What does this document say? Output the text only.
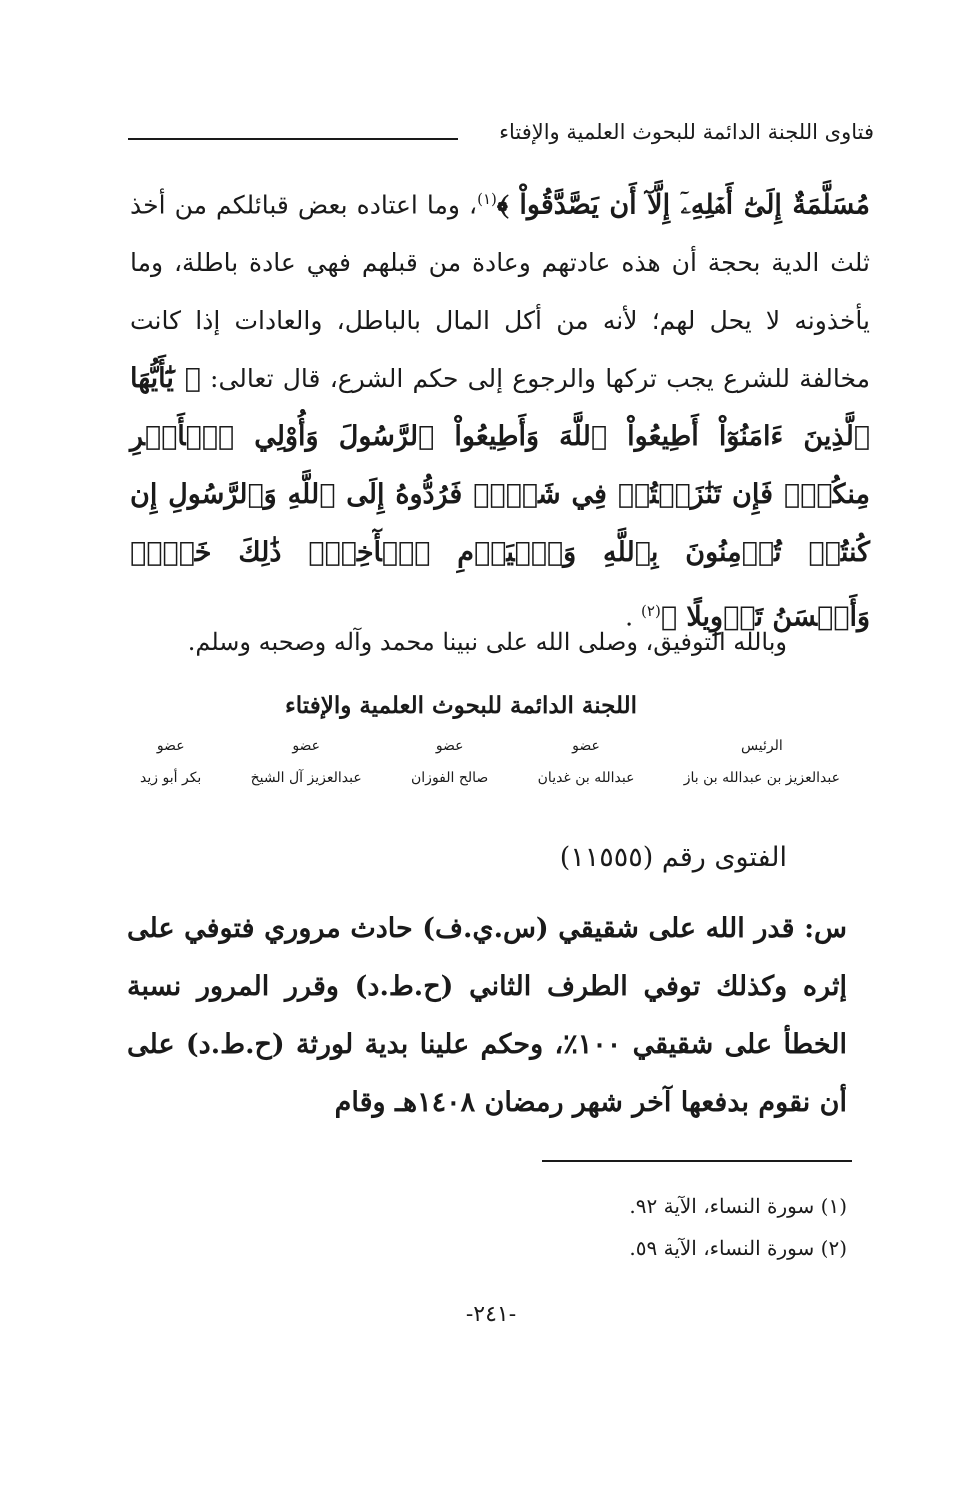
فتاوى اللجنة الدائمة للبحوث العلمية والإفتاء

مُسَلَّمَةٌ إِلَىٰٓ أَهۡلِهِۦٓ إِلَّآ أَن يَصَّدَّقُواْ ﴾$^{(١)}$، وما اعتاده بعض قبائلكم من أخذ ثلث الدية بحجة أن هذه عادتهم وعادة من قبلهم فهي عادة باطلة، وما يأخذونه لا يحل لهم؛ لأنه من أكل المال بالباطل، والعادات إذا كانت مخالفة للشرع يجب تركها والرجوع إلى حكم الشرع، قال تعالى: ﴿ يَٰٓأَيُّهَا ٱلَّذِينَ ءَامَنُوٓاْ أَطِيعُواْ ٱللَّهَ وَأَطِيعُواْ ٱلرَّسُولَ وَأُوْلِي ٱلۡأَمۡرِ مِنكُمۡۖ فَإِن تَنَٰزَعۡتُمۡ فِي شَيۡءٖ فَرُدُّوهُ إِلَى ٱللَّهِ وَٱلرَّسُولِ إِن كُنتُمۡ تُؤۡمِنُونَ بِٱللَّهِ وَٱلۡيَوۡمِ ٱلۡأٓخِرِۚ ذَٰلِكَ خَيۡرٞ وَأَحۡسَنُ تَأۡوِيلًا ﴾$^{(٢)}$ .

وبالله التوفيق، وصلى الله على نبينا محمد وآله وصحبه وسلم.
اللجنة الدائمة للبحوث العلمية والإفتاء
الرئيس
عبدالعزيز بن عبدالله بن باز
عضو
عبدالله بن غديان
عضو
صالح الفوزان
عضو
عبدالعزيز آل الشيخ
عضو
بكر أبو زيد
الفتوى رقم (١١٥٥٥)

س: قدر الله على شقيقي (س.ي.ف) حادث مروري فتوفي على إثره وكذلك توفي الطرف الثاني (ح.ط.د) وقرر المرور نسبة الخطأ على شقيقي ١٠٠٪، وحكم علينا بدية لورثة (ح.ط.د) على أن نقوم بدفعها آخر شهر رمضان ١٤٠٨هـ وقام

(١) سورة النساء، الآية ٩٢.
(٢) سورة النساء، الآية ٥٩.
-٢٤١-
